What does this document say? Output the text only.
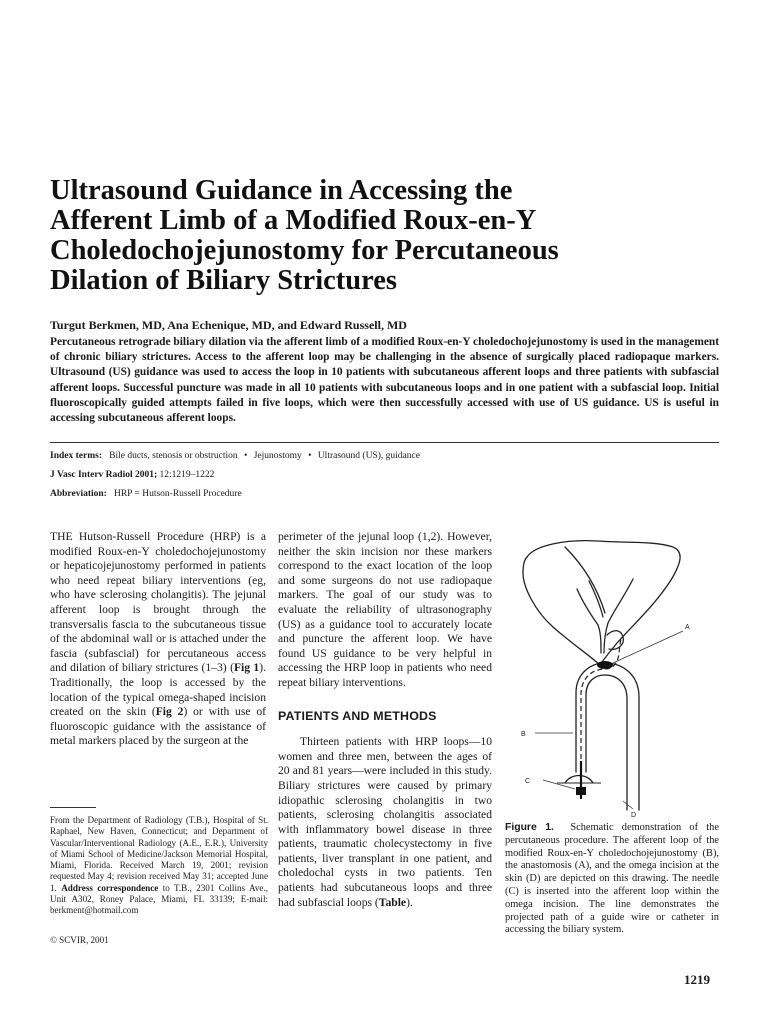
Ultrasound Guidance in Accessing the
Afferent Limb of a Modified Roux-en-Y
Choledochojejunostomy for Percutaneous
Dilation of Biliary Strictures

Turgut Berkmen, MD, Ana Echenique, MD, and Edward Russell, MD

Percutaneous retrograde biliary dilation via the afferent limb of a modified Roux-en-Y choledochojejunostomy is used in the management of chronic biliary strictures. Access to the afferent loop may be challenging in the absence of surgically placed radiopaque markers. Ultrasound (US) guidance was used to access the loop in 10 patients with subcutaneous afferent loops and three patients with subfascial afferent loops. Successful puncture was made in all 10 patients with subcutaneous loops and in one patient with a subfascial loop. Initial fluoroscopically guided attempts failed in five loops, which were then successfully accessed with use of US guidance. US is useful in accessing subcutaneous afferent loops.

Index terms: Bile ducts, stenosis or obstruction • Jejunostomy • Ultrasound (US), guidance

J Vasc Interv Radiol 2001; 12:1219–1222

Abbreviation: HRP = Hutson-Russell Procedure

THE Hutson-Russell Procedure (HRP) is a modified Roux-en-Y choledochojejunostomy or hepaticojejunostomy performed in patients who need repeat biliary interventions (eg, who have sclerosing cholangitis). The jejunal afferent loop is brought through the transversalis fascia to the subcutaneous tissue of the abdominal wall or is attached under the fascia (subfascial) for percutaneous access and dilation of biliary strictures (1–3) (Fig 1). Traditionally, the loop is accessed by the location of the typical omega-shaped incision created on the skin (Fig 2) or with use of fluoroscopic guidance with the assistance of metal markers placed by the surgeon at the

From the Department of Radiology (T.B.), Hospital of St. Raphael, New Haven, Connecticut; and Department of Vascular/Interventional Radiology (A.E., E.R.), University of Miami School of Medicine/Jackson Memorial Hospital, Miami, Florida. Received March 19, 2001; revision requested May 4; revision received May 31; accepted June 1. Address correspondence to T.B., 2301 Collins Ave., Unit A302, Roney Palace, Miami, FL 33139; E-mail: berkment@hotmail.com

© SCVIR, 2001

perimeter of the jejunal loop (1,2). However, neither the skin incision nor these markers correspond to the exact location of the loop and some surgeons do not use radiopaque markers. The goal of our study was to evaluate the reliability of ultrasonography (US) as a guidance tool to accurately locate and puncture the afferent loop. We have found US guidance to be very helpful in accessing the HRP loop in patients who need repeat biliary interventions.

PATIENTS AND METHODS

Thirteen patients with HRP loops—10 women and three men, between the ages of 20 and 81 years—were included in this study. Biliary strictures were caused by primary idiopathic sclerosing cholangitis in two patients, sclerosing cholangitis associated with inflammatory bowel disease in three patients, traumatic cholecystectomy in five patients, liver transplant in one patient, and choledochal cysts in two patients. Ten patients had subcutaneous loops and three had subfascial loops (Table).

A
B
C
D

Figure 1. Schematic demonstration of the percutaneous procedure. The afferent loop of the modified Roux-en-Y choledochojejunostomy (B), the anastomosis (A), and the omega incision at the skin (D) are depicted on this drawing. The needle (C) is inserted into the afferent loop within the omega incision. The line demonstrates the projected path of a guide wire or catheter in accessing the biliary system.

1219
